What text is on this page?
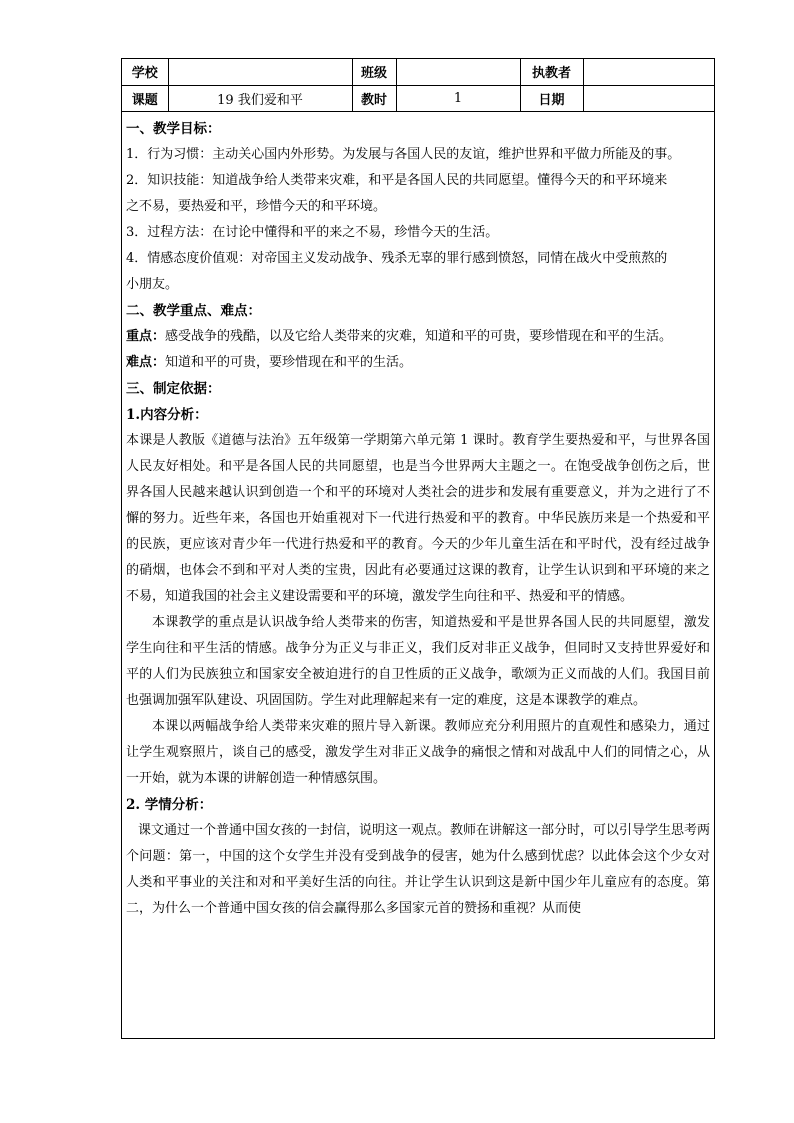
学校		班级		执教者	
课题	19 我们爱和平	教时	1	日期	

一、教学目标：

1．行为习惯：主动关心国内外形势。为发展与各国人民的友谊，维护世界和平做力所能及的事。

2．知识技能：知道战争给人类带来灾难，和平是各国人民的共同愿望。懂得今天的和平环境来

之不易，要热爱和平，珍惜今天的和平环境。

3．过程方法：在讨论中懂得和平的来之不易，珍惜今天的生活。

4．情感态度价值观：对帝国主义发动战争、残杀无辜的罪行感到愤怒，同情在战火中受煎熬的

小朋友。

二、教学重点、难点：

重点：感受战争的残酷，以及它给人类带来的灾难，知道和平的可贵，要珍惜现在和平的生活。

难点：知道和平的可贵，要珍惜现在和平的生活。

三、制定依据：

1.内容分析：

本课是人教版《道德与法治》五年级第一学期第六单元第 1 课时。教育学生要热爱和平，与世界各国人民友好相处。和平是各国人民的共同愿望，也是当今世界两大主题之一。在饱受战争创伤之后，世界各国人民越来越认识到创造一个和平的环境对人类社会的进步和发展有重要意义，并为之进行了不懈的努力。近些年来，各国也开始重视对下一代进行热爱和平的教育。中华民族历来是一个热爱和平的民族，更应该对青少年一代进行热爱和平的教育。今天的少年儿童生活在和平时代，没有经过战争的硝烟，也体会不到和平对人类的宝贵，因此有必要通过这课的教育，让学生认识到和平环境的来之不易，知道我国的社会主义建设需要和平的环境，激发学生向往和平、热爱和平的情感。

本课教学的重点是认识战争给人类带来的伤害，知道热爱和平是世界各国人民的共同愿望，激发学生向往和平生活的情感。战争分为正义与非正义，我们反对非正义战争，但同时又支持世界爱好和平的人们为民族独立和国家安全被迫进行的自卫性质的正义战争，歌颂为正义而战的人们。我国目前也强调加强军队建设、巩固国防。学生对此理解起来有一定的难度，这是本课教学的难点。

本课以两幅战争给人类带来灾难的照片导入新课。教师应充分利用照片的直观性和感染力，通过让学生观察照片，谈自己的感受，激发学生对非正义战争的痛恨之情和对战乱中人们的同情之心，从一开始，就为本课的讲解创造一种情感氛围。

2. 学情分析：

课文通过一个普通中国女孩的一封信，说明这一观点。教师在讲解这一部分时，可以引导学生思考两个问题：第一，中国的这个女学生并没有受到战争的侵害，她为什么感到忧虑？以此体会这个少女对人类和平事业的关注和对和平美好生活的向往。并让学生认识到这是新中国少年儿童应有的态度。第二，为什么一个普通中国女孩的信会赢得那么多国家元首的赞扬和重视？从而使
